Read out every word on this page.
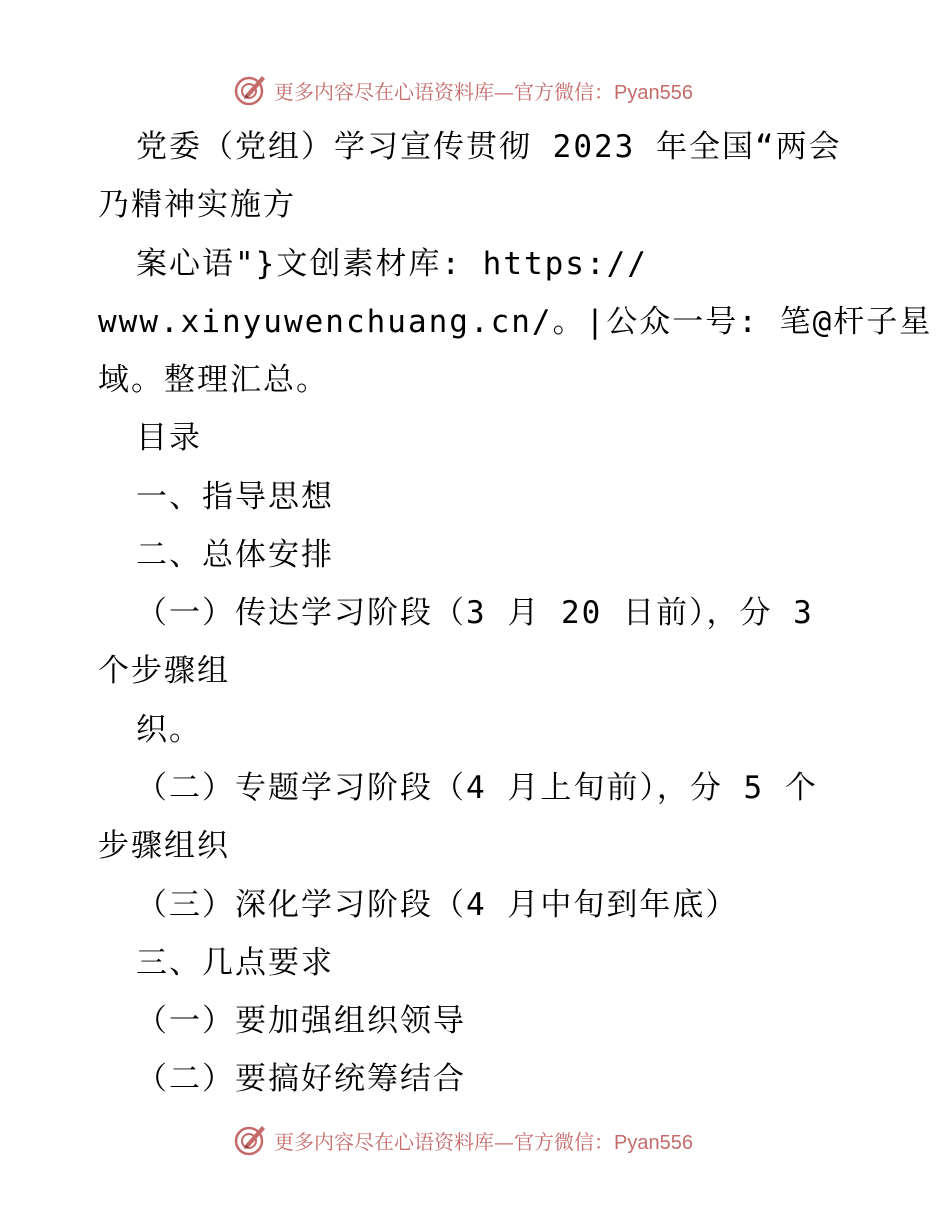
更多内容尽在心语资料库—官方微信：Pyan556
党委（党组）学习宣传贯彻 2023 年全国“两会
乃精神实施方
案心语"}文创素材库: https://
www.xinyuwenchuang.cn/。|公众一号: 笔@杆子星
域。整理汇总。
目录
一、指导思想
二、总体安排
（一）传达学习阶段（3 月 20 日前），分 3
个步骤组
织。
（二）专题学习阶段（4 月上旬前），分 5 个
步骤组织
（三）深化学习阶段（4 月中旬到年底）
三、几点要求
（一）要加强组织领导
（二）要搞好统筹结合
更多内容尽在心语资料库—官方微信：Pyan556
